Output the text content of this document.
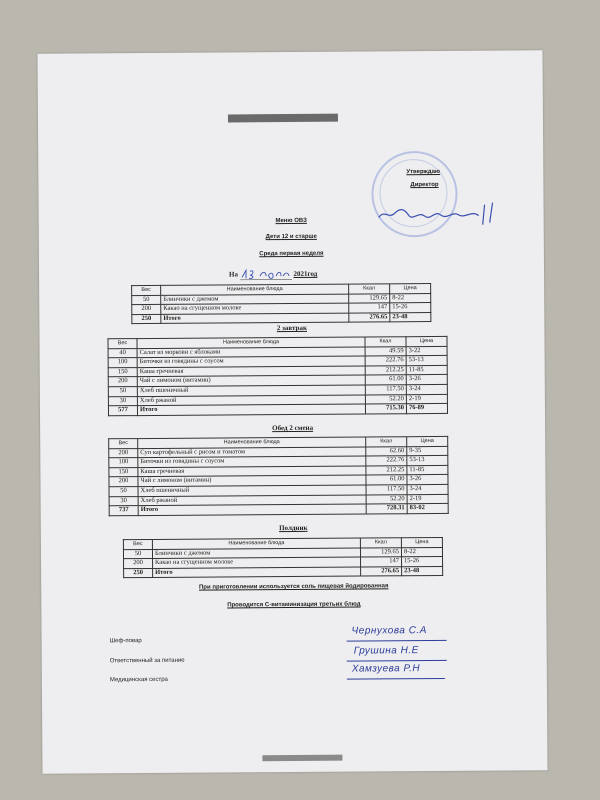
Утверждаю
Директор
Меню ОВЗ
Дети 12 и старше
Среда первая неделя
На	2021год
Вес	Наименование блюда	Ккал	Цена
50	Блинчики с джемом	129.65	8-22
200	Какао на сгущенном молоке	147	15-26
250	Итого	276.65	23-48
2 завтрак
Вес	Наименование блюда	Ккал	Цена
40	Салат из моркови с яблоками	49.59	3-22
100	Биточки из говядины с соусом	222.76	53-13
150	Каша гречневая	212.25	11-85
200	Чай с лимоном (витамин)	61.00	3-26
50	Хлеб пшеничный	117.50	3-24
30	Хлеб ржаной	52.20	2-19
577	Итого	715.30	76-89
Обед 2 смена
Вес	Наименование блюда	Ккал	Цена
200	Суп картофельный с рисом и томатом	62.60	9-35
100	Биточки из говядины с соусом	222.76	53-13
150	Каша гречневая	212.25	11-85
200	Чай с лимоном (витамин)	61.00	3-26
50	Хлеб пшеничный	117.50	3-24
30	Хлеб ржаной	52.20	2-19
737	Итого	728.31	83-02
Полдник
Вес	Наименование блюда	Ккал	Цена
50	Блинчики с джемом	129.65	8-22
200	Какао на сгущенном молоке	147	15-26
250	Итого	276.65	23-48
При приготовлении используется соль пищевая йодированная
Проводится С-витаминизация третьих блюд
Шеф-повар
Ответственный за питание
Медицинская сестра
Чернухова С.А
Грушина Н.Е
Хамзуева Р.Н
